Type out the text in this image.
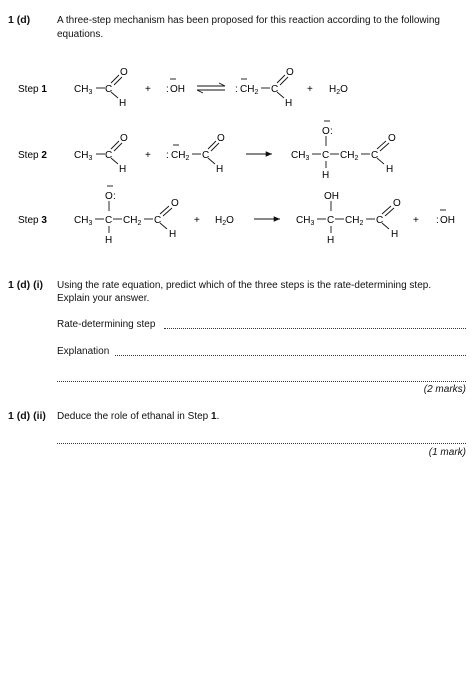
1 (d)	A three-step mechanism has been proposed for this reaction according to the following
equations.
Step 1	$CH_3$ C
O
H
+ : OH	: $CH_2$ C
O
H
+ $H_2O$
Step 2	$CH_3$ C
O
H
+ : $CH_2$ C
O
H
O :
$CH_3$ C
H
$CH_2$ C
O
H
Step 3
O :
$CH_3$ C
H
$CH_2$ C
O
H
+ $H_2O$
OH
$CH_3$ C
H
$CH_2$ C
O
H
+ : OH
1 (d) (i) Using the rate equation, predict which of the three steps is the rate-determining step.
Explain your answer.
Rate-determining step
Explanation
(2 marks)
1 (d) (ii) Deduce the role of ethanal in Step 1.
(1 mark)
